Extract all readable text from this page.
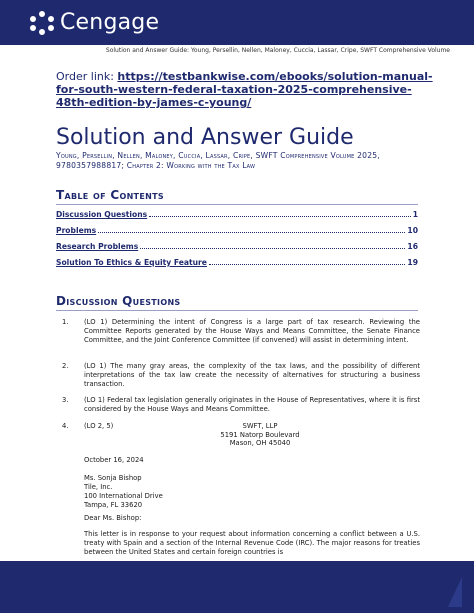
Cengage
Solution and Answer Guide: Young, Persellin, Nellen, Maloney, Cuccia, Lassar, Cripe, SWFT Comprehensive Volume
Order link: https://testbankwise.com/ebooks/solution-manual-for-south-western-federal-taxation-2025-comprehensive-48th-edition-by-james-c-young/
Solution and Answer Guide
Young, Persellin, Nellen, Maloney, Cuccia, Lassar, Cripe, SWFT Comprehensive Volume 2025, 9780357988817; Chapter 2: Working with the Tax Law
Table of Contents
Discussion Questions	1
Problems	10
Research Problems	16
Solution To Ethics & Equity Feature	19
Discussion Questions
1.	(LO 1) Determining the intent of Congress is a large part of tax research. Reviewing the Committee Reports generated by the House Ways and Means Committee, the Senate Finance Committee, and the Joint Conference Committee (if convened) will assist in determining intent.
2.	(LO 1) The many gray areas, the complexity of the tax laws, and the possibility of different interpretations of the tax law create the necessity of alternatives for structuring a business transaction.
3.	(LO 1) Federal tax legislation generally originates in the House of Representatives, where it is first considered by the House Ways and Means Committee.
4.	(LO 2, 5)	SWFT, LLP
5191 Natorp Boulevard
Mason, OH 45040
October 16, 2024
Ms. Sonja Bishop
Tile, Inc.
100 International Drive
Tampa, FL 33620
Dear Ms. Bishop:
This letter is in response to your request about information concerning a conflict between a U.S. treaty with Spain and a section of the Internal Revenue Code (IRC). The major reasons for treaties between the United States and certain foreign countries is
